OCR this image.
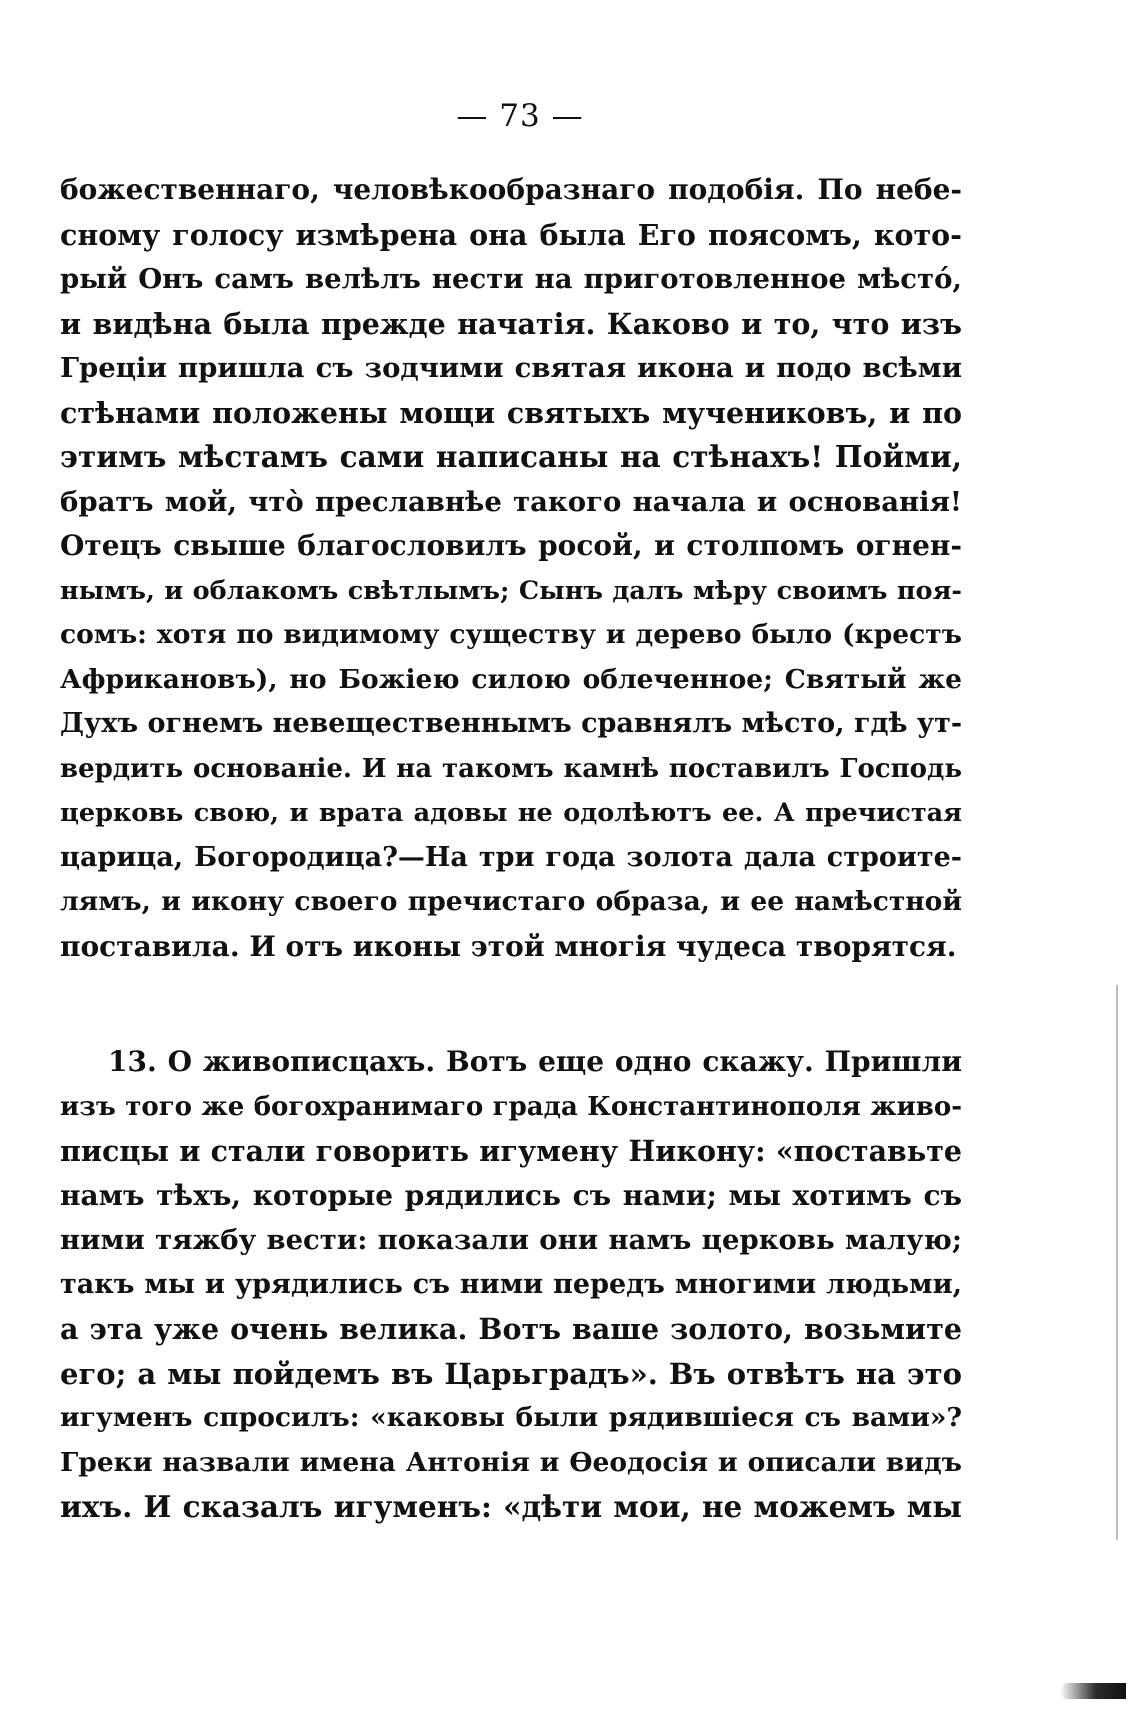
— 73 —
божественнаго, человѣкообразнаго подобія. По небе-
сному голосу измѣрена она была Его поясомъ, кото-
рый Онъ самъ велѣлъ нести на приготовленное мѣсто́,
и видѣна была прежде начатія. Каково и то, что изъ
Греціи пришла съ зодчими святая икона и подо всѣми
стѣнами положены мощи святыхъ мучениковъ, и по
этимъ мѣстамъ сами написаны на стѣнахъ! Пойми,
братъ мой, что̀ преславнѣе такого начала и основанія!
Отецъ свыше благословилъ росой, и столпомъ огнен-
нымъ, и облакомъ свѣтлымъ; Сынъ далъ мѣру своимъ поя-
сомъ: хотя по видимому существу и дерево было (крестъ
Африкановъ), но Божіею силою облеченное; Святый же
Духъ огнемъ невещественнымъ сравнялъ мѣсто, гдѣ ут-
вердить основаніе. И на такомъ камнѣ поставилъ Господь
церковь свою, и врата адовы не одолѣютъ ее. А пречистая
царица, Богородица?—На три года золота дала строите-
лямъ, и икону своего пречистаго образа, и ее намѣстной
поставила. И отъ иконы этой многія чудеса творятся.
13. О живописцахъ. Вотъ еще одно скажу. Пришли
изъ того же богохранимаго града Константинополя живо-
писцы и стали говорить игумену Никону: «поставьте
намъ тѣхъ, которые рядились съ нами; мы хотимъ съ
ними тяжбу вести: показали они намъ церковь малую;
такъ мы и урядились съ ними передъ многими людьми,
а эта уже очень велика. Вотъ ваше золото, возьмите
его; а мы пойдемъ въ Царьградъ». Въ отвѣтъ на это
игуменъ спросилъ: «каковы были рядившіеся съ вами»?
Греки назвали имена Антонія и Ѳеодосія и описали видъ
ихъ. И сказалъ игуменъ: «дѣти мои, не можемъ мы
